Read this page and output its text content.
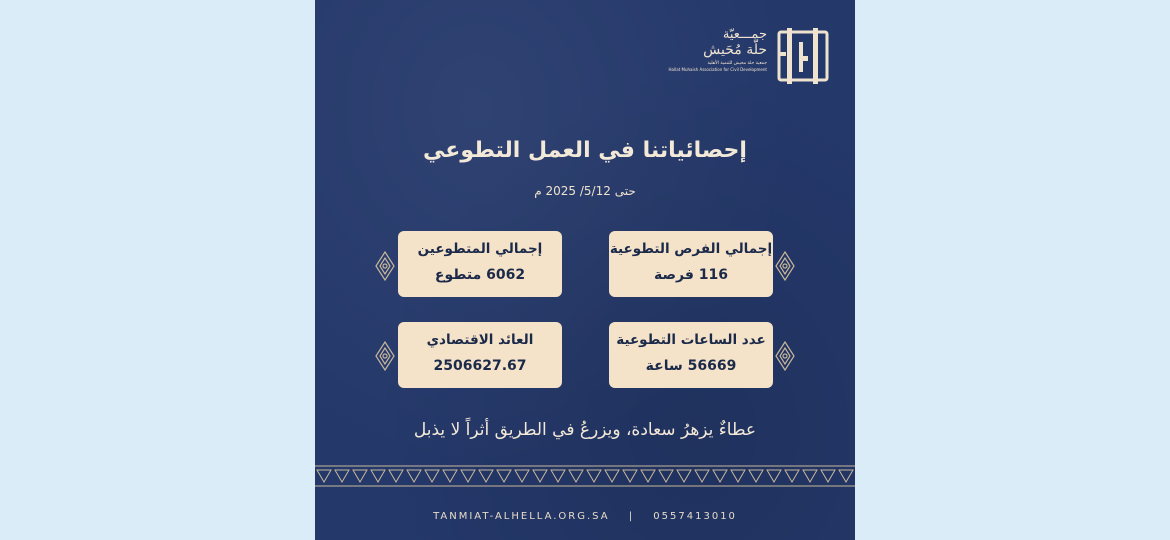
جمـــعيّة
حلّة مُحَيش
جمعية حلة محيش للتنمية الأهلية
Hallat Muhaish Association for Civil Development
إحصائياتنا في العمل التطوعي
حتى 5/12/ 2025 م
إجمالي الفرص التطوعية
116 فرصة
إجمالي المتطوعين
6062 متطوع
عدد الساعات التطوعية
56669 ساعة
العائد الاقتصادي
2506627.67
عطاءٌ يزهرُ سعادة، ويزرعُ في الطريق أثراً لا يذبل
TANMIAT-ALHELLA.ORG.SA | 0557413010
